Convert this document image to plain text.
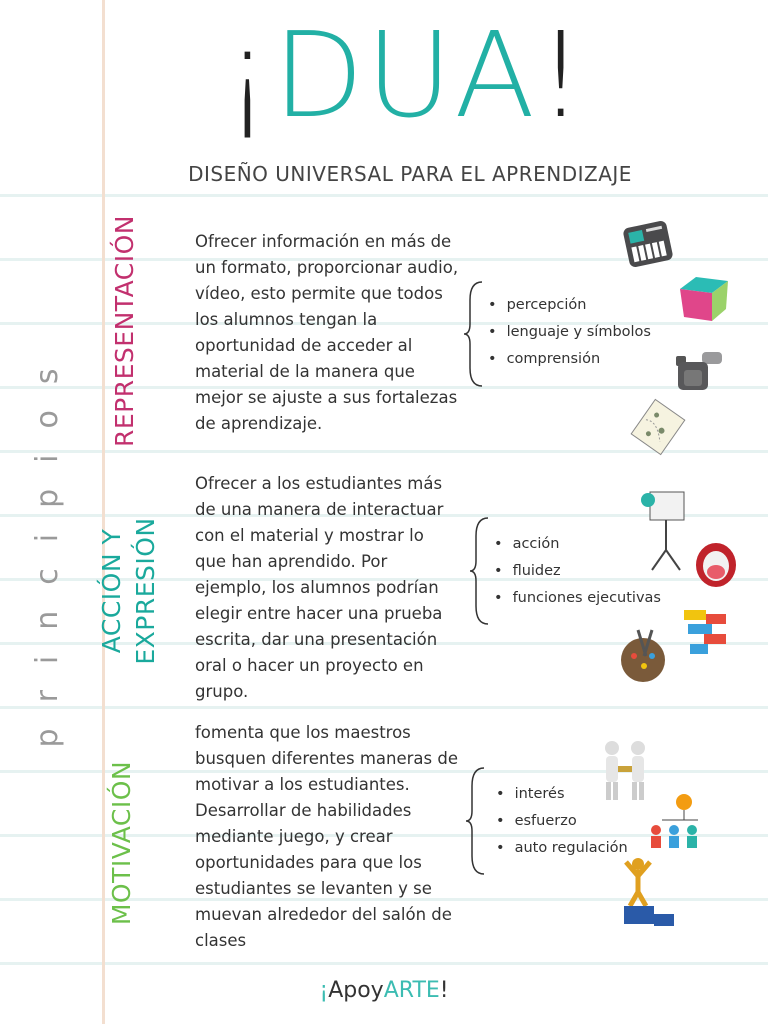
¡DUA!
DISEÑO UNIVERSAL PARA EL APRENDIZAJE
principios
REPRESENTACIÓN	Ofrecer información en más de un formato, proporcionar audio, vídeo, esto permite que todos los alumnos tengan la oportunidad de acceder al material de la manera que mejor se ajuste a sus fortalezas de aprendizaje.

• percepción
• lenguaje y símbolos
• comprensión
ACCIÓN Y EXPRESIÓN

Ofrecer a los estudiantes más de una manera de interactuar con el material y mostrar lo que han aprendido. Por ejemplo, los alumnos podrían elegir entre hacer una prueba escrita, dar una presentación oral o hacer un proyecto en grupo.

• acción
• fluidez
• funciones ejecutivas
MOTIVACIÓN

fomenta que los maestros busquen diferentes maneras de motivar a los estudiantes. Desarrollar de habilidades mediante juego, y crear oportunidades para que los estudiantes se levanten y se muevan alrededor del salón de clases

• interés
• esfuerzo
• auto regulación
¡ApoyARTE!
